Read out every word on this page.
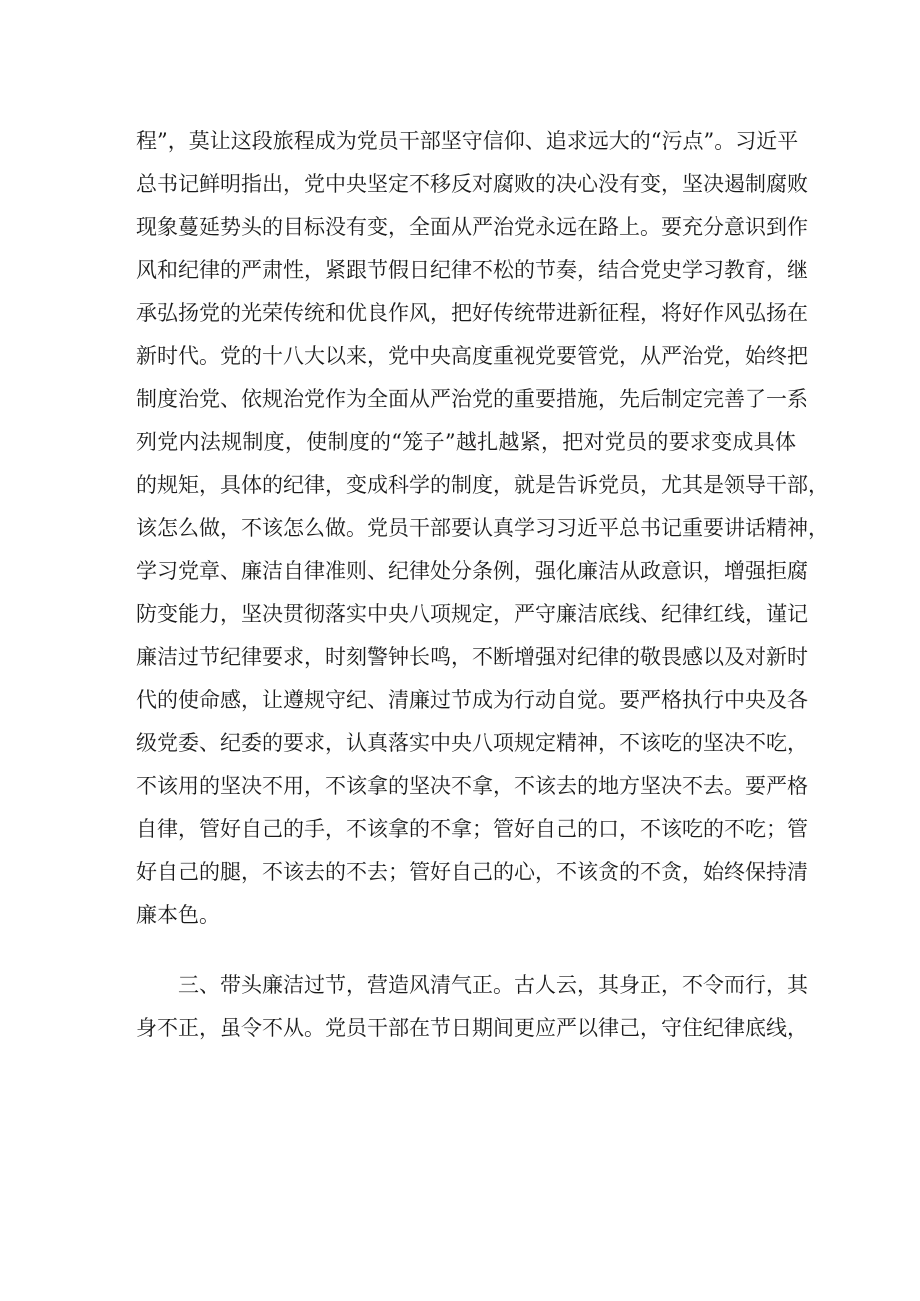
程”，莫让这段旅程成为党员干部坚守信仰、追求远大的“污点”。习近平
总书记鲜明指出，党中央坚定不移反对腐败的决心没有变，坚决遏制腐败
现象蔓延势头的目标没有变，全面从严治党永远在路上。要充分意识到作
风和纪律的严肃性，紧跟节假日纪律不松的节奏，结合党史学习教育，继
承弘扬党的光荣传统和优良作风，把好传统带进新征程，将好作风弘扬在
新时代。党的十八大以来，党中央高度重视党要管党，从严治党，始终把
制度治党、依规治党作为全面从严治党的重要措施，先后制定完善了一系
列党内法规制度，使制度的“笼子”越扎越紧，把对党员的要求变成具体
的规矩，具体的纪律，变成科学的制度，就是告诉党员，尤其是领导干部，
该怎么做，不该怎么做。党员干部要认真学习习近平总书记重要讲话精神，
学习党章、廉洁自律准则、纪律处分条例，强化廉洁从政意识，增强拒腐
防变能力，坚决贯彻落实中央八项规定，严守廉洁底线、纪律红线，谨记
廉洁过节纪律要求，时刻警钟长鸣，不断增强对纪律的敬畏感以及对新时
代的使命感，让遵规守纪、清廉过节成为行动自觉。要严格执行中央及各
级党委、纪委的要求，认真落实中央八项规定精神，不该吃的坚决不吃，
不该用的坚决不用，不该拿的坚决不拿，不该去的地方坚决不去。要严格
自律，管好自己的手，不该拿的不拿；管好自己的口，不该吃的不吃；管
好自己的腿，不该去的不去；管好自己的心，不该贪的不贪，始终保持清
廉本色。
　　三、带头廉洁过节，营造风清气正。古人云，其身正，不令而行，其
身不正，虽令不从。党员干部在节日期间更应严以律己，守住纪律底线，
